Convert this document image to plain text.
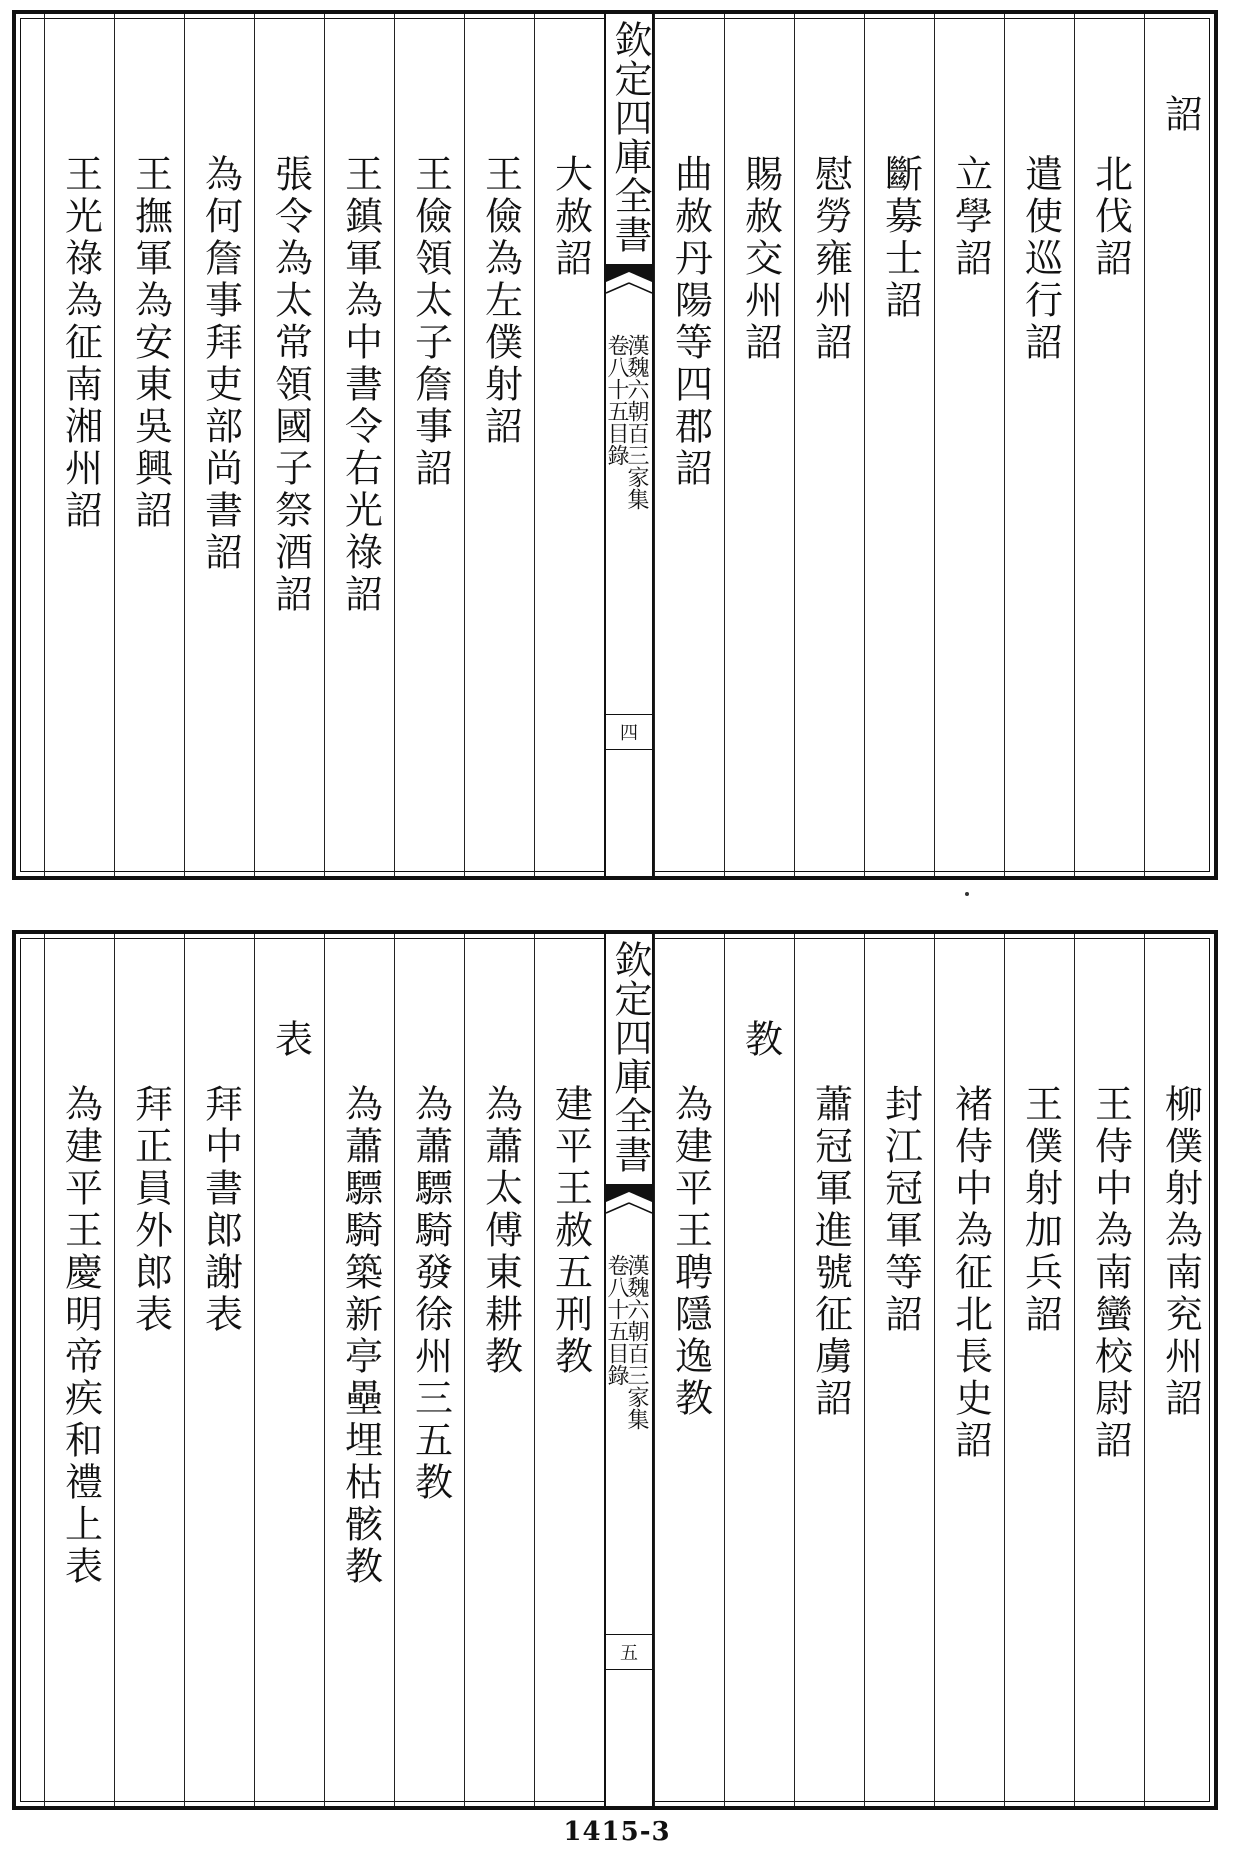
詔
北伐詔
遣使巡行詔
立學詔
斷募士詔
慰勞雍州詔
賜赦交州詔
曲赦丹陽等四郡詔
欽定四庫全書
漢魏六朝百三家集
卷八十五目錄
四
大赦詔
王儉為左僕射詔
王儉領太子詹事詔
王鎮軍為中書令右光祿詔
張令為太常領國子祭酒詔
為何詹事拜吏部尚書詔
王撫軍為安東吳興詔
王光祿為征南湘州詔
柳僕射為南兖州詔
王侍中為南蠻校尉詔
王僕射加兵詔
褚侍中為征北長史詔
封江冠軍等詔
蕭冠軍進號征虜詔
教
為建平王聘隱逸教
欽定四庫全書
漢魏六朝百三家集
卷八十五目錄
五
建平王赦五刑教
為蕭太傅東耕教
為蕭驃騎發徐州三五教
為蕭驃騎築新亭壘埋枯骸教
表
拜中書郎謝表
拜正員外郎表
為建平王慶明帝疾和禮上表
1415-3
